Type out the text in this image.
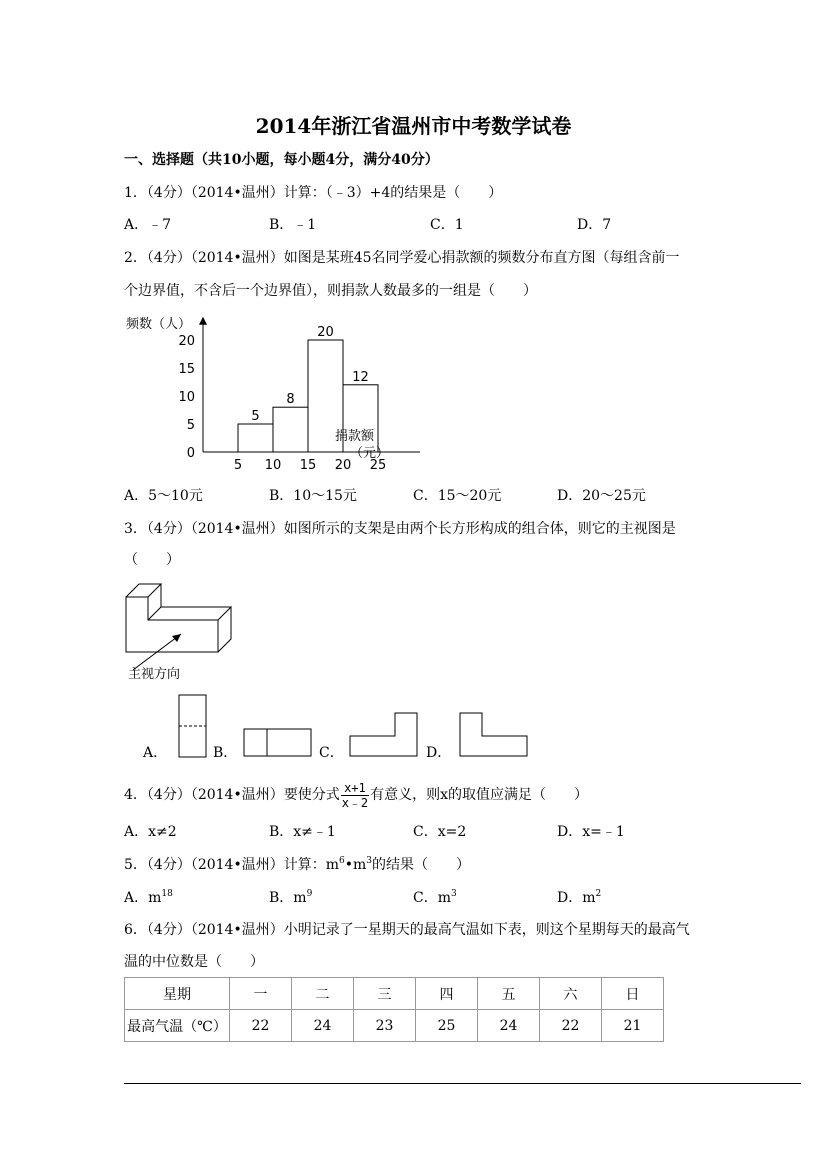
2014年浙江省温州市中考数学试卷
一、选择题（共10小题，每小题4分，满分40分）
1．（4分）（2014•温州）计算：（﹣3）+4的结果是（　　）
A．﹣7	B．﹣1	C．1	D．7
2．（4分）（2014•温州）如图是某班45名同学爱心捐款额的频数分布直方图（每组含前一
个边界值，不含后一个边界值），则捐款人数最多的一组是（　　）
0
5
10
15
20
5 10 15 20 25
5
8
20
12
频数（人）
捐款额
（元）
A．5～10元	B．10～15元	C．15～20元	D．20～25元
3．（4分）（2014•温州）如图所示的支架是由两个长方形构成的组合体，则它的主视图是
（　　）
主视方向
A．	B．	C．	D．
4．（4分）（2014•温州）要使分式 $\frac{x+1}{x﹣2}$ 有意义，则x的取值应满足（　　）
A．x≠2	B．x≠﹣1	C．x=2	D．x=﹣1
5．（4分）（2014•温州）计算：$m^6•m^3$的结果（　　）
A．$m^{18}$	B．$m^9$	C．$m^3$	D．$m^2$
6．（4分）（2014•温州）小明记录了一星期天的最高气温如下表，则这个星期每天的最高气
温的中位数是（　　）
星期	一	二	三	四	五	六	日
最高气温（℃）	22	24	23	25	24	22	21
